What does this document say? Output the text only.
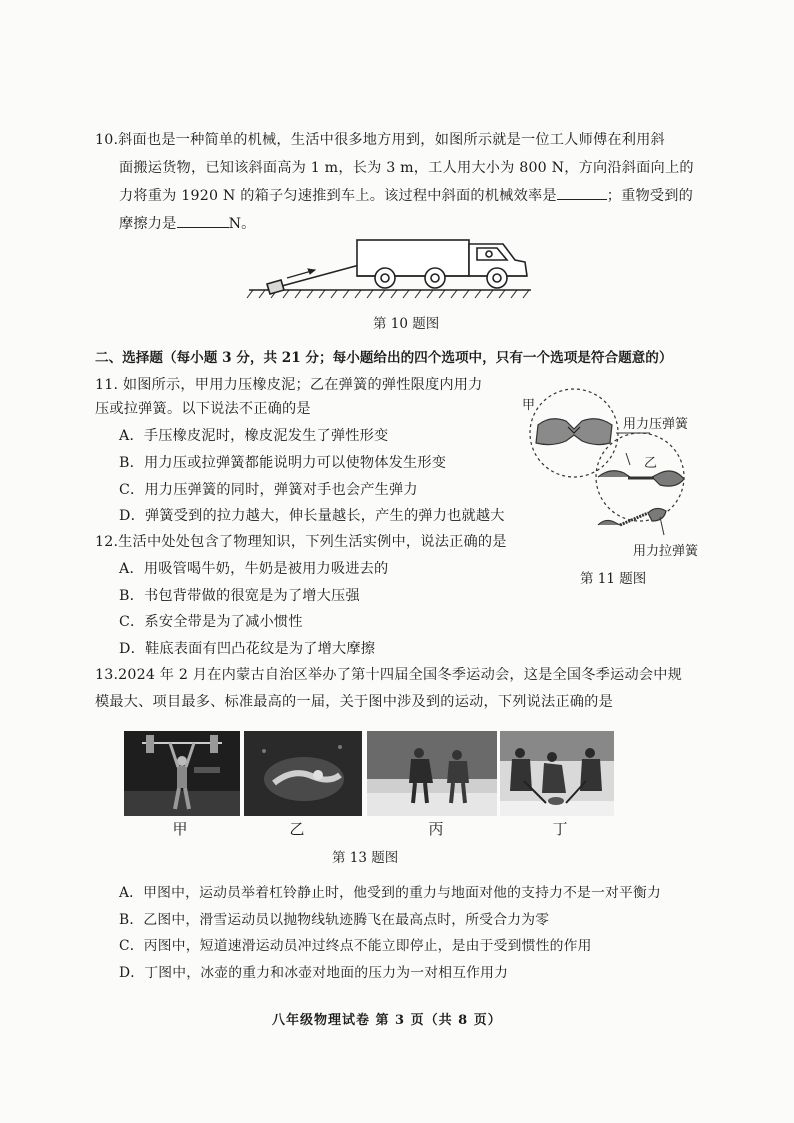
10.斜面也是一种简单的机械，生活中很多地方用到，如图所示就是一位工人师傅在利用斜
面搬运货物，已知该斜面高为 1 m，长为 3 m，工人用大小为 800 N，方向沿斜面向上的
力将重为 1920 N 的箱子匀速推到车上。该过程中斜面的机械效率是	；重物受到的
摩擦力是	N。
第 10 题图
二、选择题（每小题 3 分，共 21 分；每小题给出的四个选项中，只有一个选项是符合题意的）
11. 如图所示，甲用力压橡皮泥；乙在弹簧的弹性限度内用力
压或拉弹簧。以下说法不正确的是
A．手压橡皮泥时，橡皮泥发生了弹性形变
B．用力压或拉弹簧都能说明力可以使物体发生形变
C．用力压弹簧的同时，弹簧对手也会产生弹力
D．弹簧受到的拉力越大，伸长量越长，产生的弹力也就越大
甲
用力压弹簧
乙
用力拉弹簧
第 11 题图
12.生活中处处包含了物理知识，下列生活实例中，说法正确的是
A．用吸管喝牛奶，牛奶是被用力吸进去的
B．书包背带做的很宽是为了增大压强
C．系安全带是为了减小惯性
D．鞋底表面有凹凸花纹是为了增大摩擦
13.2024 年 2 月在内蒙古自治区举办了第十四届全国冬季运动会，这是全国冬季运动会中规
模最大、项目最多、标准最高的一届，关于图中涉及到的运动，下列说法正确的是
甲	乙	丙	丁
第 13 题图
A．甲图中，运动员举着杠铃静止时，他受到的重力与地面对他的支持力不是一对平衡力
B．乙图中，滑雪运动员以抛物线轨迹腾飞在最高点时，所受合力为零
C．丙图中，短道速滑运动员冲过终点不能立即停止，是由于受到惯性的作用
D．丁图中，冰壶的重力和冰壶对地面的压力为一对相互作用力
八年级物理试卷 第 3 页（共 8 页）
